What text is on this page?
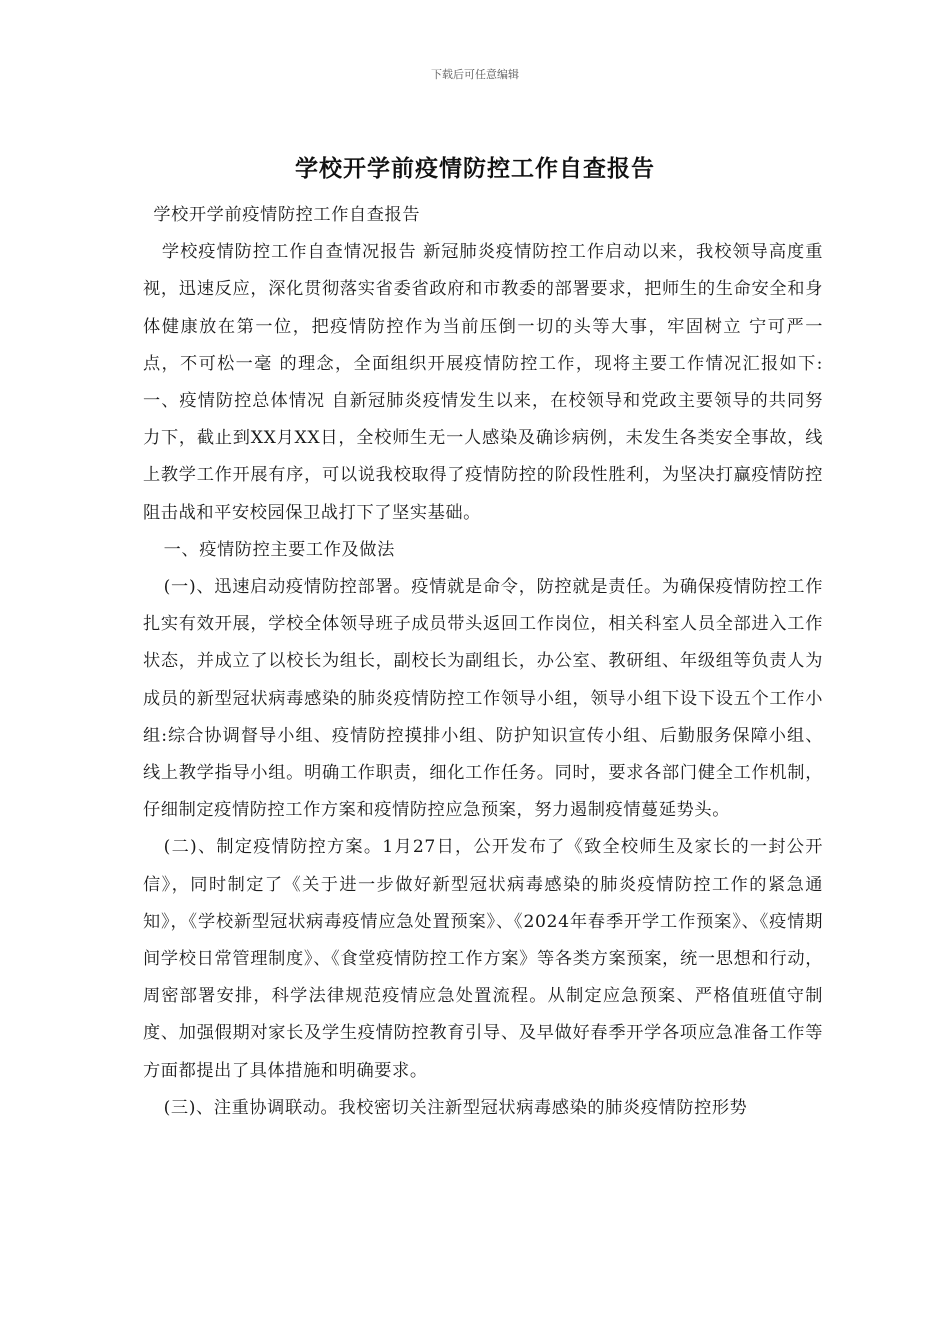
下载后可任意编辑
学校开学前疫情防控工作自查报告

学校开学前疫情防控工作自查报告

学校疫情防控工作自查情况报告 新冠肺炎疫情防控工作启动以来，我校领导高度重视，迅速反应，深化贯彻落实省委省政府和市教委的部署要求，把师生的生命安全和身体健康放在第一位，把疫情防控作为当前压倒一切的头等大事，牢固树立 宁可严一点，不可松一毫 的理念，全面组织开展疫情防控工作，现将主要工作情况汇报如下:一、疫情防控总体情况 自新冠肺炎疫情发生以来，在校领导和党政主要领导的共同努力下，截止到XX月XX日，全校师生无一人感染及确诊病例，未发生各类安全事故，线上教学工作开展有序，可以说我校取得了疫情防控的阶段性胜利，为坚决打赢疫情防控阻击战和平安校园保卫战打下了坚实基础。

一、疫情防控主要工作及做法

(一)、迅速启动疫情防控部署。疫情就是命令，防控就是责任。为确保疫情防控工作扎实有效开展，学校全体领导班子成员带头返回工作岗位，相关科室人员全部进入工作状态，并成立了以校长为组长，副校长为副组长，办公室、教研组、年级组等负责人为成员的新型冠状病毒感染的肺炎疫情防控工作领导小组，领导小组下设下设五个工作小组:综合协调督导小组、疫情防控摸排小组、防护知识宣传小组、后勤服务保障小组、线上教学指导小组。明确工作职责，细化工作任务。同时，要求各部门健全工作机制，仔细制定疫情防控工作方案和疫情防控应急预案，努力遏制疫情蔓延势头。

(二)、制定疫情防控方案。1月27日，公开发布了《致全校师生及家长的一封公开信》，同时制定了《关于进一步做好新型冠状病毒感染的肺炎疫情防控工作的紧急通知》，《学校新型冠状病毒疫情应急处置预案》、《2024年春季开学工作预案》、《疫情期间学校日常管理制度》、《食堂疫情防控工作方案》等各类方案预案，统一思想和行动，周密部署安排，科学法律规范疫情应急处置流程。从制定应急预案、严格值班值守制度、加强假期对家长及学生疫情防控教育引导、及早做好春季开学各项应急准备工作等方面都提出了具体措施和明确要求。

(三)、注重协调联动。我校密切关注新型冠状病毒感染的肺炎疫情防控形势
